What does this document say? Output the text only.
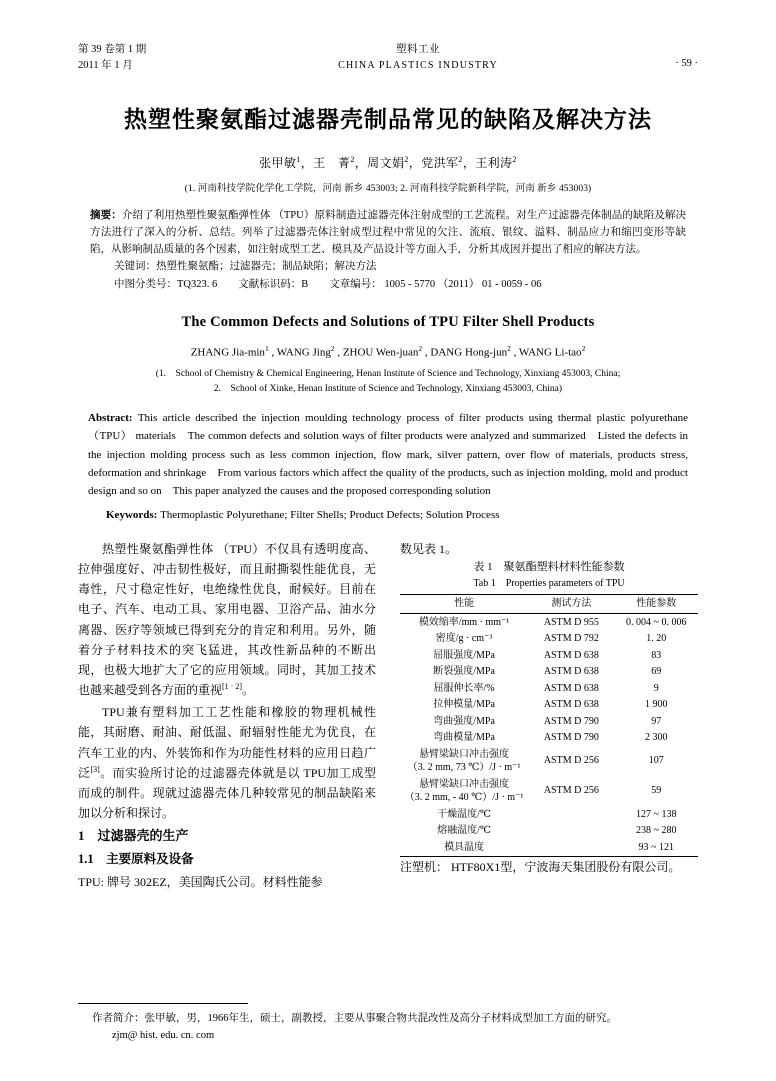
第 39 卷第 1 期
2011 年 1 月
塑料工业
CHINA PLASTICS INDUSTRY	· 59 ·
热塑性聚氨酯过滤器壳制品常见的缺陷及解决方法
张甲敏$^1$，王　菁$^2$，周文娟$^2$，党洪军$^2$，王利涛$^2$
(1. 河南科技学院化学化工学院，河南 新乡 453003; 2. 河南科技学院新科学院，河南 新乡 453003)
摘要：介绍了利用热塑性聚氨酯弹性体 （TPU）原料制造过滤器壳体注射成型的工艺流程。对生产过滤器壳体制品的缺陷及解决方法进行了深入的分析、总结。列举了过滤器壳体注射成型过程中常见的欠注、流痕、银纹、溢料、制品应力和缩凹变形等缺陷，从影响制品质量的各个因素，如注射成型工艺、模具及产品设计等方面入手，分析其成因并提出了相应的解决方法。
关键词：热塑性聚氨酯；过滤器壳；制品缺陷；解决方法
中图分类号：TQ323. 6　　文献标识码：B　　文章编号： 1005 - 5770 （2011） 01 - 0059 - 06
The Common Defects and Solutions of TPU Filter Shell Products
ZHANG Jia-$\min^1$ , WANG Jing$^2$ , ZHOU Wen-juan$^2$ , DANG Hong-jun$^2$ , WANG Li-tao$^2$
(1.　School of Chemistry & Chemical Engineering, Henan Institute of Science and Technology, Xinxiang 453003, China;
2.　School of Xinke, Henan Institute of Science and Technology, Xinxiang 453003, China)
Abstract: This article described the injection moulding technology process of filter products using thermal plastic polyurethane （TPU） materials　The common defects and solution ways of filter products were analyzed and summarized　Listed the defects in the injection molding process such as less common injection, flow mark, silver pattern, over flow of materials, products stress, deformation and shrinkage　From various factors which affect the quality of the products, such as injection molding, mold and product design and so on　This paper analyzed the causes and the proposed corresponding solution
Keywords: Thermoplastic Polyurethane; Filter Shells; Product Defects; Solution Process

热塑性聚氨酯弹性体 （TPU）不仅具有透明度高、拉伸强度好、冲击韧性极好，而且耐撕裂性能优良，无毒性，尺寸稳定性好，电绝缘性优良，耐候好。目前在电子、汽车、电动工具、家用电器、卫浴产品、油水分离器、医疗等领域已得到充分的肯定和利用。另外，随着分子材料技术的突飞猛进，其改性新品种的不断出现，也极大地扩大了它的应用领域。同时，其加工技术也越来越受到各方面的重视[1 · 2]。

TPU兼有塑料加工工艺性能和橡胶的物理机械性能，其耐磨、耐油、耐低温、耐辐射性能尤为优良，在汽车工业的内、外装饰和作为功能性材料的应用日趋广泛[3]。而实验所讨论的过滤器壳体就是以 TPU加工成型而成的制件。现就过滤器壳体几种较常见的制品缺陷来加以分析和探讨。

1　过滤器壳的生产

1.1　主要原料及设备

TPU: 牌号 302EZ，美国陶氏公司。材料性能参

数见表 1。

表 1　聚氨酯塑料材料性能参数
Tab 1　Properties parameters of TPU
性能	测试方法	性能参数
模效缩率/mm · mm⁻¹	ASTM D 955	0. 004 ~ 0. 006
密度/g · cm⁻³	ASTM D 792	1. 20
屈服强度/MPa	ASTM D 638	83
断裂强度/MPa	ASTM D 638	69
屈服伸长率/%	ASTM D 638	9
拉伸模量/MPa	ASTM D 638	1 900
弯曲强度/MPa	ASTM D 790	97
弯曲模量/MPa	ASTM D 790	2 300
悬臂梁缺口冲击强度
（3. 2 mm, 73 ℃）/J · m⁻¹	ASTM D 256	107
悬臂梁缺口冲击强度
（3. 2 mm, - 40 ℃）/J · m⁻¹	ASTM D 256	59
干燥温度/℃		127 ~ 138
熔融温度/℃		238 ~ 280
模具温度		93 ~ 121

注塑机： HTF80X1型，宁波海天集团股份有限公司。

作者简介：张甲敏，男，1966年生，硕士，副教授，主要从事聚合物共混改性及高分子材料成型加工方面的研究。
zjm@ hist. edu. cn. com
